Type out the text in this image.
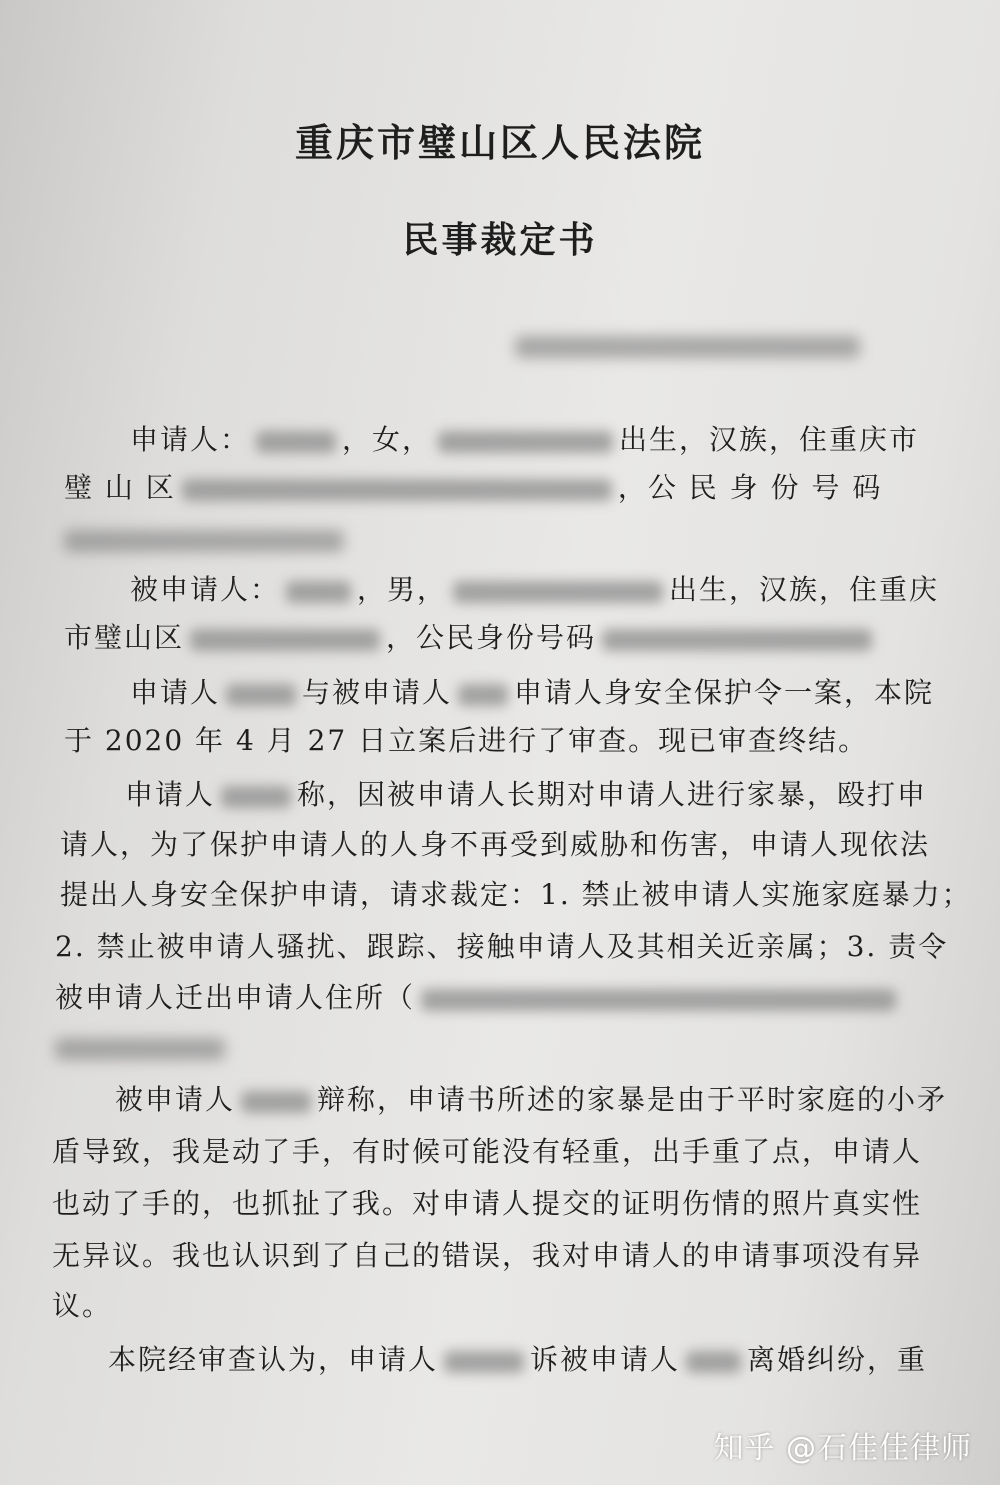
重庆市璧山区人民法院
民事裁定书
申请人：	，女，	出生，汉族，住重庆市
璧 山 区	，公 民 身 份 号 码
被申请人：	，男，	出生，汉族，住重庆
市璧山区	，公民身份号码
申请人	与被申请人 申请人身安全保护令一案，本院
于 2020 年 4 月 27 日立案后进行了审查。现已审查终结。
申请人	称，因被申请人长期对申请人进行家暴，殴打申
请人，为了保护申请人的人身不再受到威胁和伤害，申请人现依法
提出人身安全保护申请，请求裁定：1. 禁止被申请人实施家庭暴力；
2. 禁止被申请人骚扰、跟踪、接触申请人及其相关近亲属；3. 责令
被申请人迁出申请人住所（
被申请人	辩称，申请书所述的家暴是由于平时家庭的小矛
盾导致，我是动了手，有时候可能没有轻重，出手重了点，申请人
也动了手的，也抓扯了我。对申请人提交的证明伤情的照片真实性
无异议。我也认识到了自己的错误，我对申请人的申请事项没有异
议。
本院经审查认为，申请人	诉被申请人 离婚纠纷，重
知乎 @石佳佳律师
